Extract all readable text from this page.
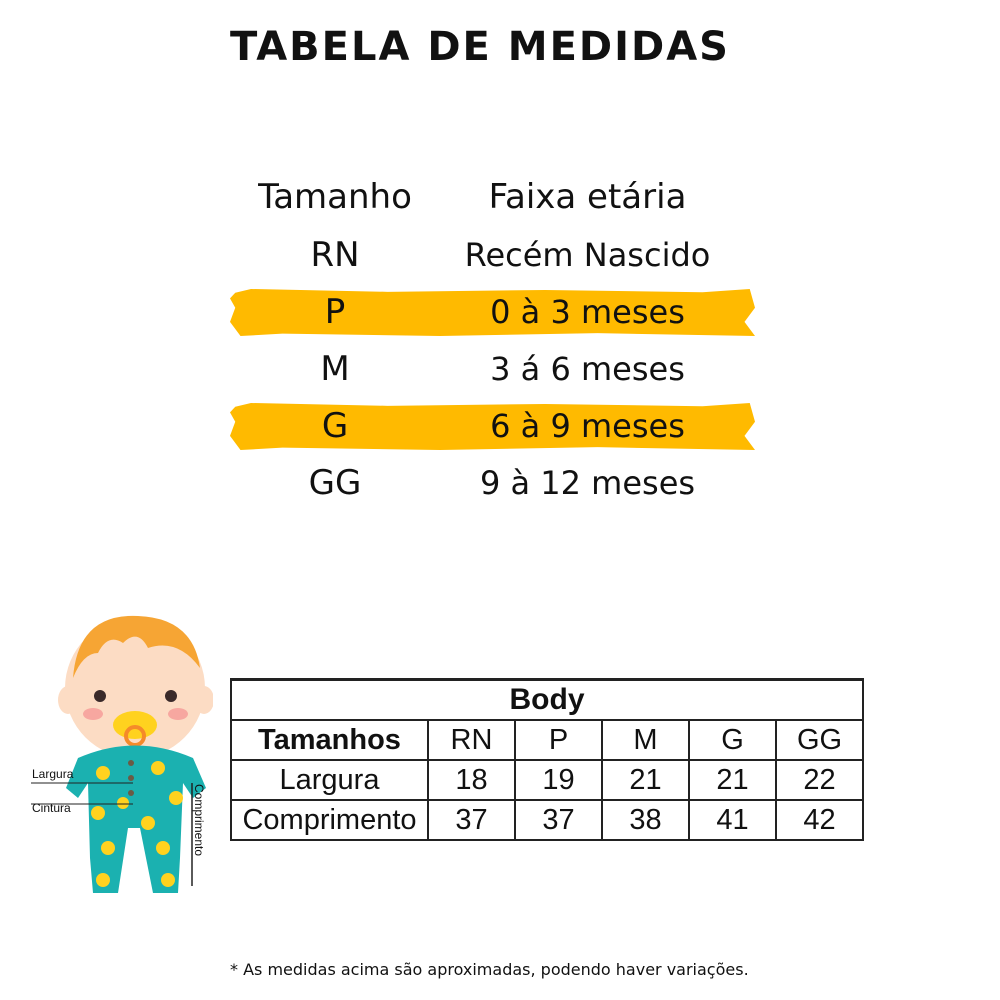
TABELA DE MEDIDAS
Tamanho	Faixa etária
RN	Recém Nascido
P	0 à 3 meses
M	3 á 6 meses
G	6 à 9 meses
GG	9 à 12 meses
Largura
Cintura	Comprimento
Body					
Tamanhos	RN	P	M	G	GG
Largura	18	19	21	21	22
Comprimento	37	37	38	41	42
* As medidas acima são aproximadas, podendo haver variações.
